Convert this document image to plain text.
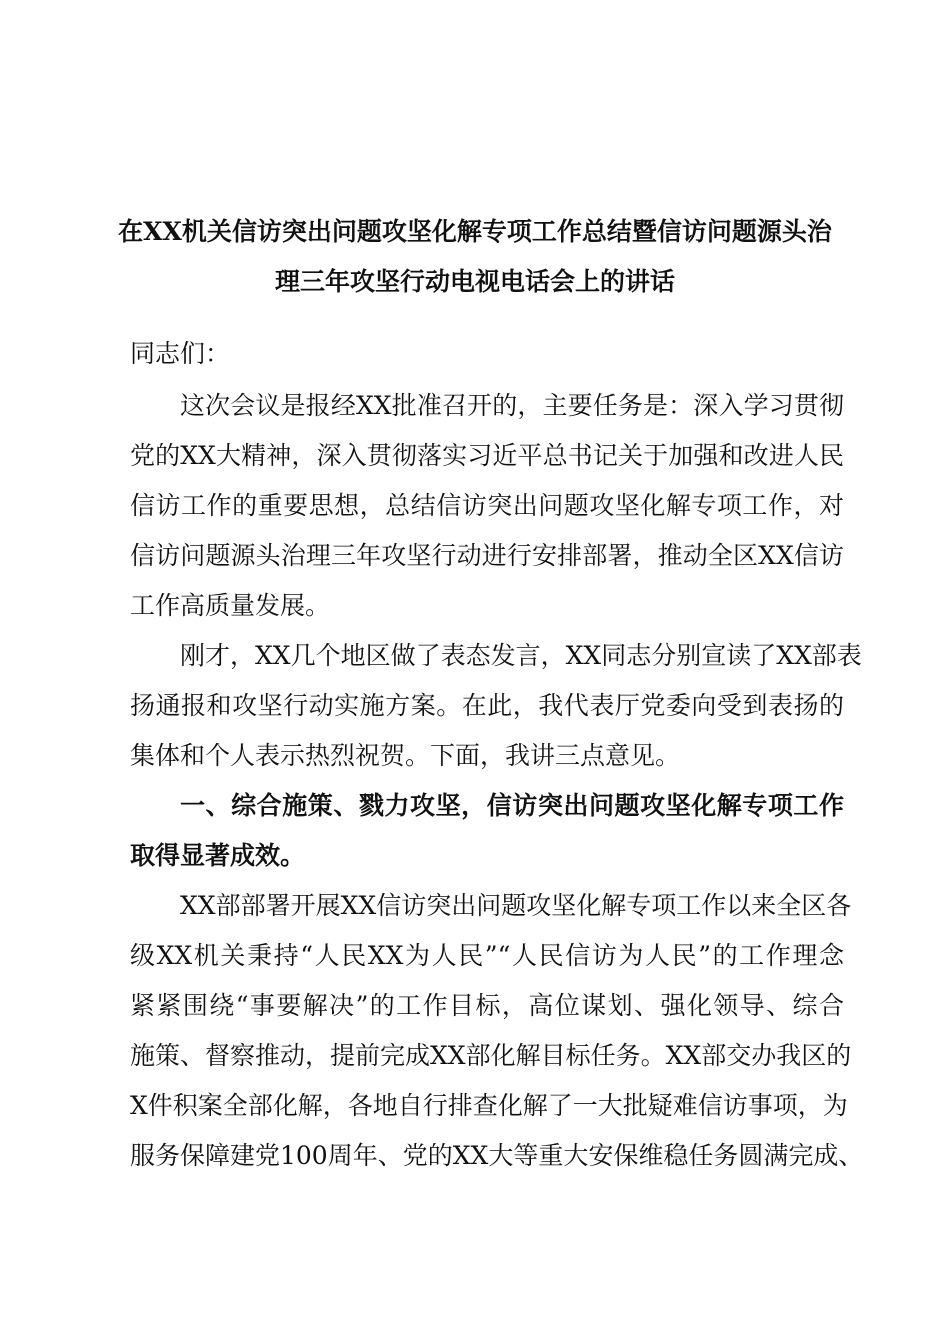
在XX机关信访突出问题攻坚化解专项工作总结暨信访问题源头治

理三年攻坚行动电视电话会上的讲话

同志们：

这次会议是报经XX批准召开的，主要任务是：深入学习贯彻

党的XX大精神，深入贯彻落实习近平总书记关于加强和改进人民

信访工作的重要思想，总结信访突出问题攻坚化解专项工作，对

信访问题源头治理三年攻坚行动进行安排部署，推动全区XX信访

工作高质量发展。

刚才，XX几个地区做了表态发言，XX同志分别宣读了XX部表

扬通报和攻坚行动实施方案。在此，我代表厅党委向受到表扬的

集体和个人表示热烈祝贺。下面，我讲三点意见。

一、综合施策、戮力攻坚，信访突出问题攻坚化解专项工作

取得显著成效。

XX部部署开展XX信访突出问题攻坚化解专项工作以来全区各

级XX机关秉持“人民XX为人民”“人民信访为人民”的工作理念

紧紧围绕“事要解决”的工作目标，高位谋划、强化领导、综合

施策、督察推动，提前完成XX部化解目标任务。XX部交办我区的

X件积案全部化解，各地自行排查化解了一大批疑难信访事项，为

服务保障建党100周年、党的XX大等重大安保维稳任务圆满完成、
